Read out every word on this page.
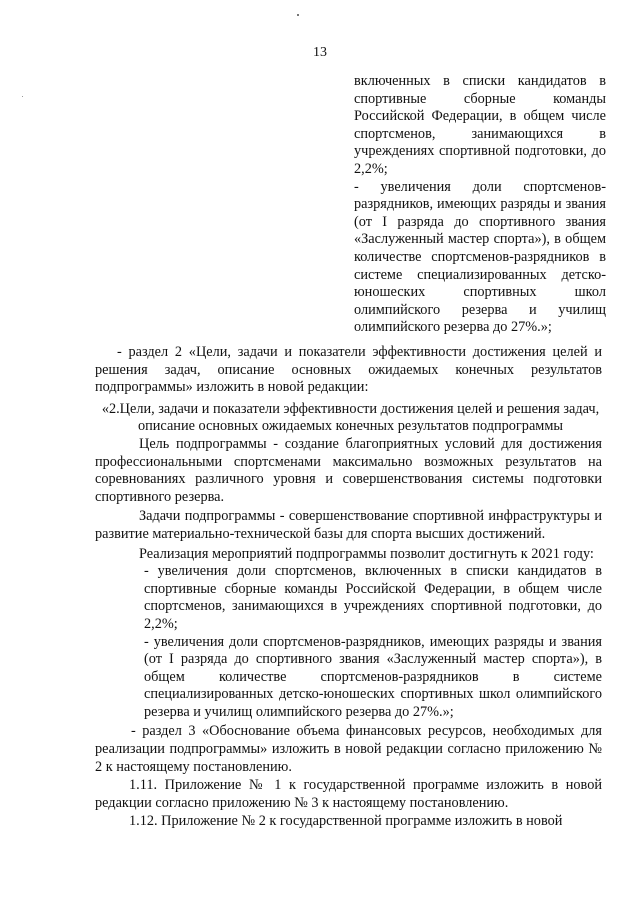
13

включенных в списки кандидатов в спортивные сборные команды Российской Федерации, в общем числе спортсменов, занимающихся в учреждениях спортивной подготовки, до 2,2%;

- увеличения доли спортсменов-разрядников, имеющих разряды и звания (от I разряда до спортивного звания «Заслуженный мастер спорта»), в общем количестве спортсменов-разрядников в системе специализированных детско-юношеских спортивных школ олимпийского резерва и училищ олимпийского резерва до 27%.»;

- раздел 2 «Цели, задачи и показатели эффективности достижения целей и решения задач, описание основных ожидаемых конечных результатов подпрограммы» изложить в новой редакции:

«2.Цели, задачи и показатели эффективности достижения целей и решения задач, описание основных ожидаемых конечных результатов подпрограммы

Цель подпрограммы - создание благоприятных условий для достижения профессиональными спортсменами максимально возможных результатов на соревнованиях различного уровня и совершенствования системы подготовки спортивного резерва.

Задачи подпрограммы - совершенствование спортивной инфраструктуры и развитие материально-технической базы для спорта высших достижений.

Реализация мероприятий подпрограммы позволит достигнуть к 2021 году:

- увеличения доли спортсменов, включенных в списки кандидатов в спортивные сборные команды Российской Федерации, в общем числе спортсменов, занимающихся в учреждениях спортивной подготовки, до 2,2%;

- увеличения доли спортсменов-разрядников, имеющих разряды и звания (от I разряда до спортивного звания «Заслуженный мастер спорта»), в общем количестве спортсменов-разрядников в системе специализированных детско-юношеских спортивных школ олимпийского резерва и училищ олимпийского резерва до 27%.»;

- раздел 3 «Обоснование объема финансовых ресурсов, необходимых для реализации подпрограммы» изложить в новой редакции согласно приложению № 2 к настоящему постановлению.

1.11. Приложение № 1 к государственной программе изложить в новой редакции согласно приложению № 3 к настоящему постановлению.

1.12. Приложение № 2 к государственной программе изложить в новой
